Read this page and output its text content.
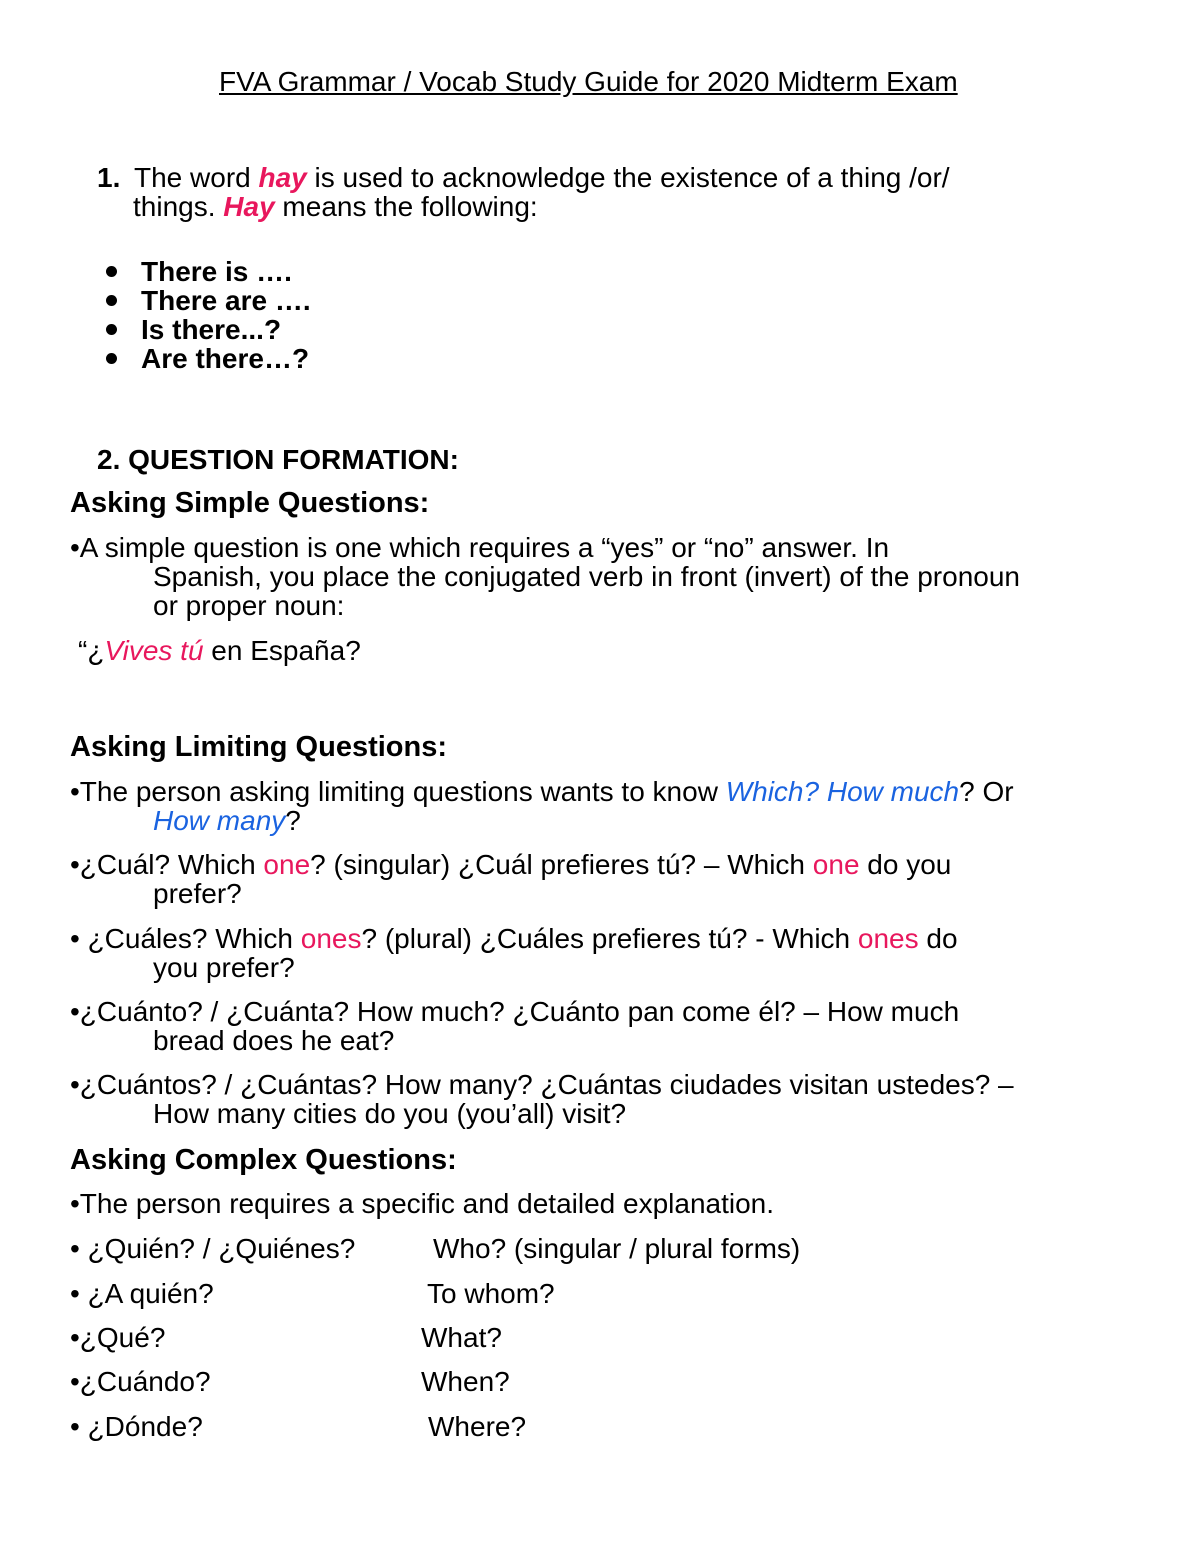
FVA Grammar / Vocab Study Guide for 2020 Midterm Exam
1. The word hay is used to acknowledge the existence of a thing /or/
things. Hay means the following:
There is ….
There are ….
Is there...?
Are there…?
2. QUESTION FORMATION:
Asking Simple Questions:
•A simple question is one which requires a “yes” or “no” answer. In
Spanish, you place the conjugated verb in front (invert) of the pronoun
or proper noun:
“¿Vives tú en España?
Asking Limiting Questions:
•The person asking limiting questions wants to know Which? How much? Or
How many?
•¿Cuál? Which one? (singular) ¿Cuál prefieres tú? – Which one do you
prefer?
• ¿Cuáles? Which ones? (plural) ¿Cuáles prefieres tú? - Which ones do
you prefer?
•¿Cuánto? / ¿Cuánta? How much? ¿Cuánto pan come él? – How much
bread does he eat?
•¿Cuántos? / ¿Cuántas? How many? ¿Cuántas ciudades visitan ustedes? –
How many cities do you (you’all) visit?
Asking Complex Questions:
•The person requires a specific and detailed explanation.
• ¿Quién? / ¿Quiénes?	Who? (singular / plural forms)
• ¿A quién?	To whom?
•¿Qué?	What?
•¿Cuándo?	When?
• ¿Dónde?	Where?
